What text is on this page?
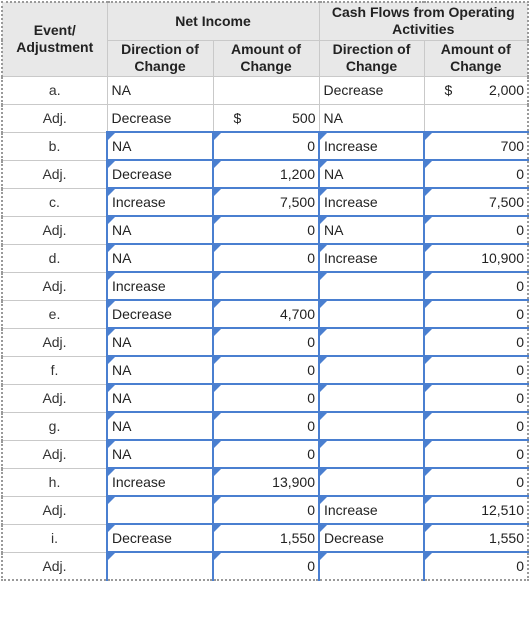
Event/
Adjustment	Net Income		Cash Flows from Operating Activities	
	Direction of Change	Amount of Change	Direction of Change	Amount of Change
a.	NA		Decrease	$ 2,000

Adj.	Decrease	$ 500	NA	

b.	NA	0	Increase	700

Adj.	Decrease	1,200	NA	0

c.	Increase	7,500	Increase	7,500

Adj.	NA	0	NA	0

d.	NA	0	Increase	10,900

Adj.	Increase			0

e.	Decrease	4,700		0

Adj.	NA	0		0

f.	NA	0		0

Adj.	NA	0		0

g.	NA	0		0

Adj.	NA	0		0

h.	Increase	13,900		0

Adj.		0	Increase	12,510

i.	Decrease	1,550	Decrease	1,550

Adj.		0		0
